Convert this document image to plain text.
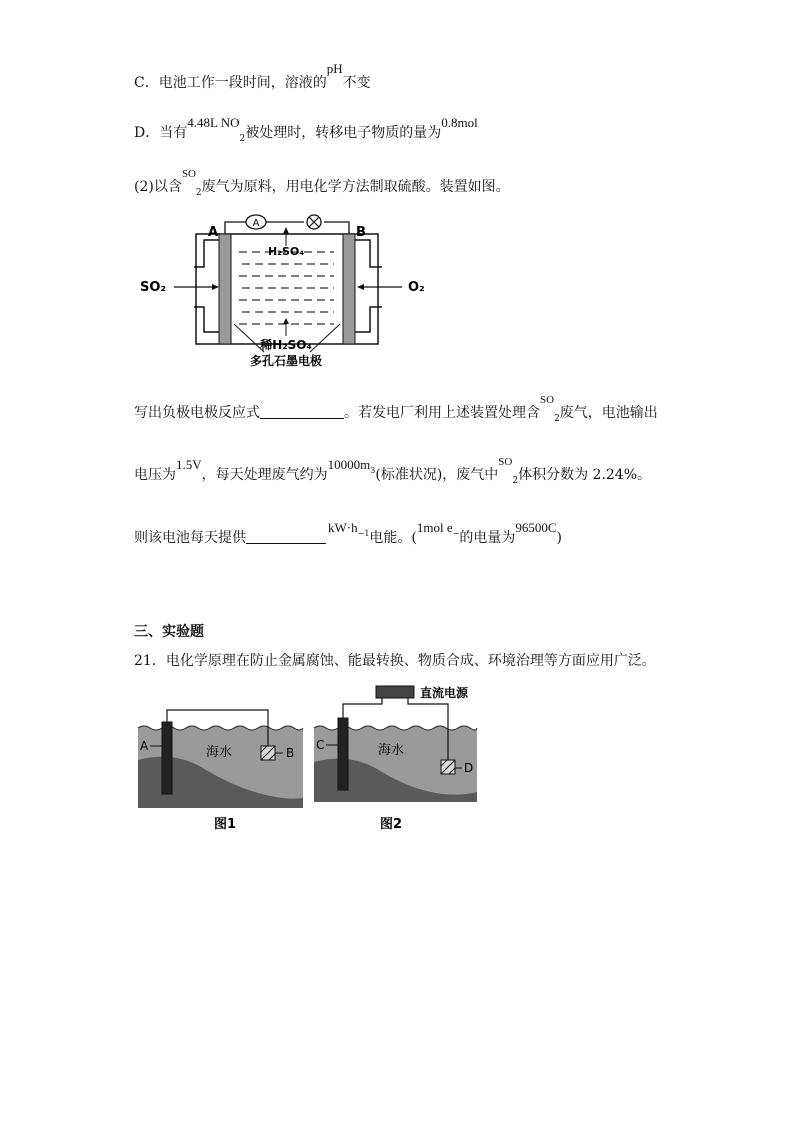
C．电池工作一段时间，溶液的pH不变
D．当有4.48L $NO_2$被处理时，转移电子物质的量为0.8mol
(2)以含$^{SO}_2$废气为原料，用电化学方法制取硫酸。装置如图。
A
A	B
H₂SO₄
SO₂	O₂
稀H₂SO₄
多孔石墨电极
写出负极电极反应式	。若发电厂利用上述装置处理含$^{SO}_2$废气，电池输出
电压为1.5V，每天处理废气约为$10000m^3$(标准状况)，废气中$^{SO}_2$体积分数为 2.24%。
则该电池每天提供$kW\cdot h^{-1}$电能。(1mol e−的电量为96500C)
三、实验题
21．电化学原理在防止金属腐蚀、能最转换、物质合成、环境治理等方面应用广泛。
A	B
海水
图1
直流电源
C
D
海水
图2
